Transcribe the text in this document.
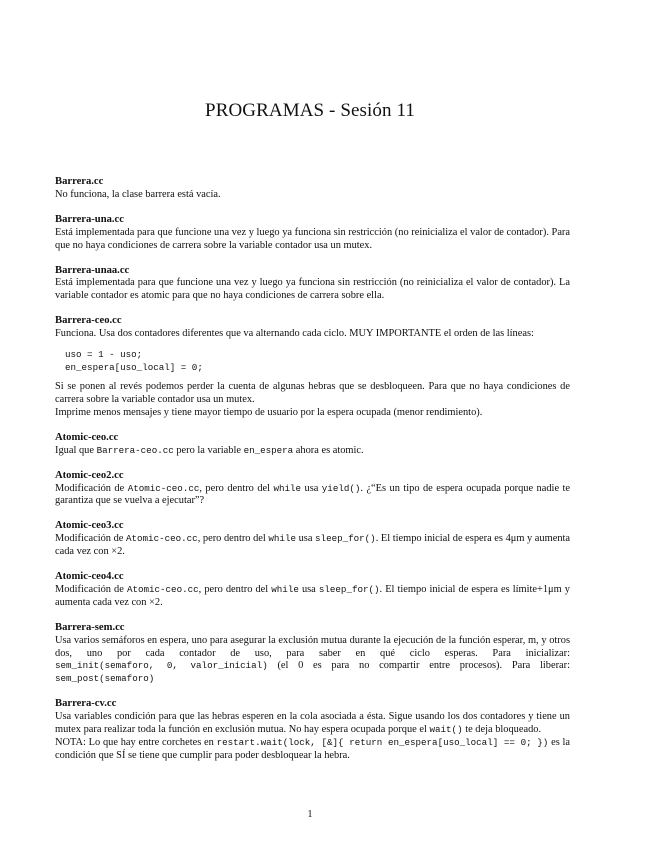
PROGRAMAS - Sesión 11
Barrera.cc

No funciona, la clase barrera está vacía.

Barrera-una.cc

Está implementada para que funcione una vez y luego ya funciona sin restricción (no reinicializa el valor de contador). Para que no haya condiciones de carrera sobre la variable contador usa un mutex.

Barrera-unaa.cc

Está implementada para que funcione una vez y luego ya funciona sin restricción (no reinicializa el valor de contador). La variable contador es atomic para que no haya condiciones de carrera sobre ella.

Barrera-ceo.cc

Funciona. Usa dos contadores diferentes que va alternando cada ciclo. MUY IMPORTANTE el orden de las líneas:

uso = 1 - uso;
en_espera[uso_local] = 0;

Si se ponen al revés podemos perder la cuenta de algunas hebras que se desbloqueen. Para que no haya condiciones de carrera sobre la variable contador usa un mutex.

Imprime menos mensajes y tiene mayor tiempo de usuario por la espera ocupada (menor rendimiento).

Atomic-ceo.cc

Igual que Barrera-ceo.cc pero la variable en_espera ahora es atomic.

Atomic-ceo2.cc

Modificación de Atomic-ceo.cc, pero dentro del while usa yield(). ¿“Es un tipo de espera ocupada porque nadie te garantiza que se vuelva a ejecutar”?

Atomic-ceo3.cc

Modificación de Atomic-ceo.cc, pero dentro del while usa sleep_for(). El tiempo inicial de espera es 4μm y aumenta cada vez con ×2.

Atomic-ceo4.cc

Modificación de Atomic-ceo.cc, pero dentro del while usa sleep_for(). El tiempo inicial de espera es límite+1μm y aumenta cada vez con ×2.

Barrera-sem.cc

Usa varios semáforos en espera, uno para asegurar la exclusión mutua durante la ejecución de la función esperar, m, y otros dos, uno por cada contador de uso, para saber en qué ciclo esperas. Para inicializar: sem_init(semaforo, 0, valor_inicial) (el 0 es para no compartir entre procesos). Para liberar: sem_post(semaforo)

Barrera-cv.cc

Usa variables condición para que las hebras esperen en la cola asociada a ésta. Sigue usando los dos contadores y tiene un mutex para realizar toda la función en exclusión mutua. No hay espera ocupada porque el wait() te deja bloqueado.

NOTA: Lo que hay entre corchetes en restart.wait(lock, [&]{ return en_espera[uso_local] == 0; }) es la condición que SÍ se tiene que cumplir para poder desbloquear la hebra.

1
